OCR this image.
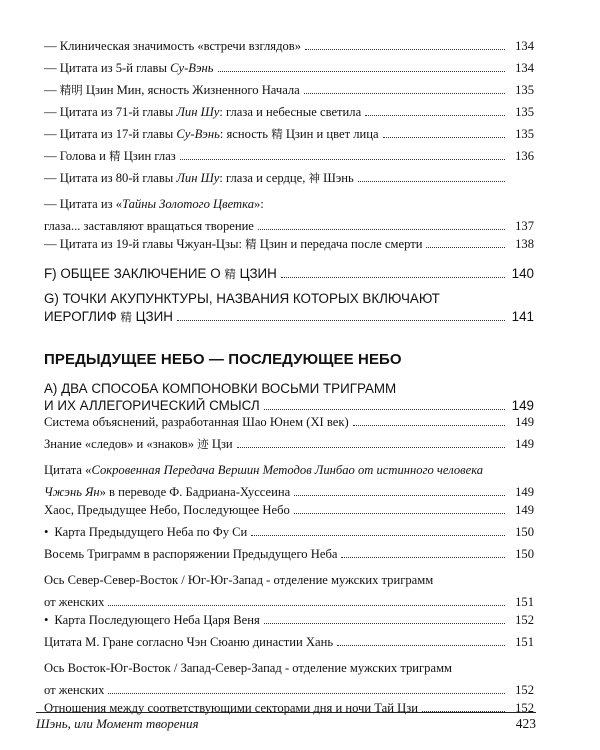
— Клиническая значимость «встречи взглядов»	134
— Цитата из 5-й главы Су-Вэнь	134
— 精明 Цзин Мин, ясность Жизненного Начала	135
— Цитата из 71-й главы Лин Шу: глаза и небесные светила	135
— Цитата из 17-й главы Су-Вэнь: ясность 精 Цзин и цвет лица	135
— Голова и 精 Цзин глаз	136
— Цитата из 80-й главы Лин Шу: глаза и сердце, 神 Шэнь
— Цитата из «Тайны Золотого Цветка»:
глаза... заставляют вращаться творение	137
— Цитата из 19-й главы Чжуан-Цзы: 精 Цзин и передача после смерти	138
F) ОБЩЕЕ ЗАКЛЮЧЕНИЕ О 精 ЦЗИН	140
G) ТОЧКИ АКУПУНКТУРЫ, НАЗВАНИЯ КОТОРЫХ ВКЛЮЧАЮТ
ИЕРОГЛИФ 精 ЦЗИН	141
ПРЕДЫДУЩЕЕ НЕБО — ПОСЛЕДУЮЩЕЕ НЕБО
A) ДВА СПОСОБА КОМПОНОВКИ ВОСЬМИ ТРИГРАММ
И ИХ АЛЛЕГОРИЧЕСКИЙ СМЫСЛ	149
Система объяснений, разработанная Шао Юнем (XI век)	149
Знание «следов» и «знаков» 迹 Цзи	149
Цитата «Сокровенная Передача Вершин Методов Линбао от истинного человека
Чжэнь Ян» в переводе Ф. Бадриана-Хуссеина	149
Хаос, Предыдущее Небо, Последующее Небо	149
• Карта Предыдущего Неба по Фу Си	150
Восемь Триграмм в распоряжении Предыдущего Неба	150
Ось Север-Север-Восток / Юг-Юг-Запад - отделение мужских триграмм
от женских	151
• Карта Последующего Неба Царя Веня	152
Цитата М. Гране согласно Чэн Сюаню династии Хань	151
Ось Восток-Юг-Восток / Запад-Север-Запад - отделение мужских триграмм
от женских	152
Отношения между соответствующими секторами дня и ночи Тай Цзи	152
Шэнь, или Момент творения	423
